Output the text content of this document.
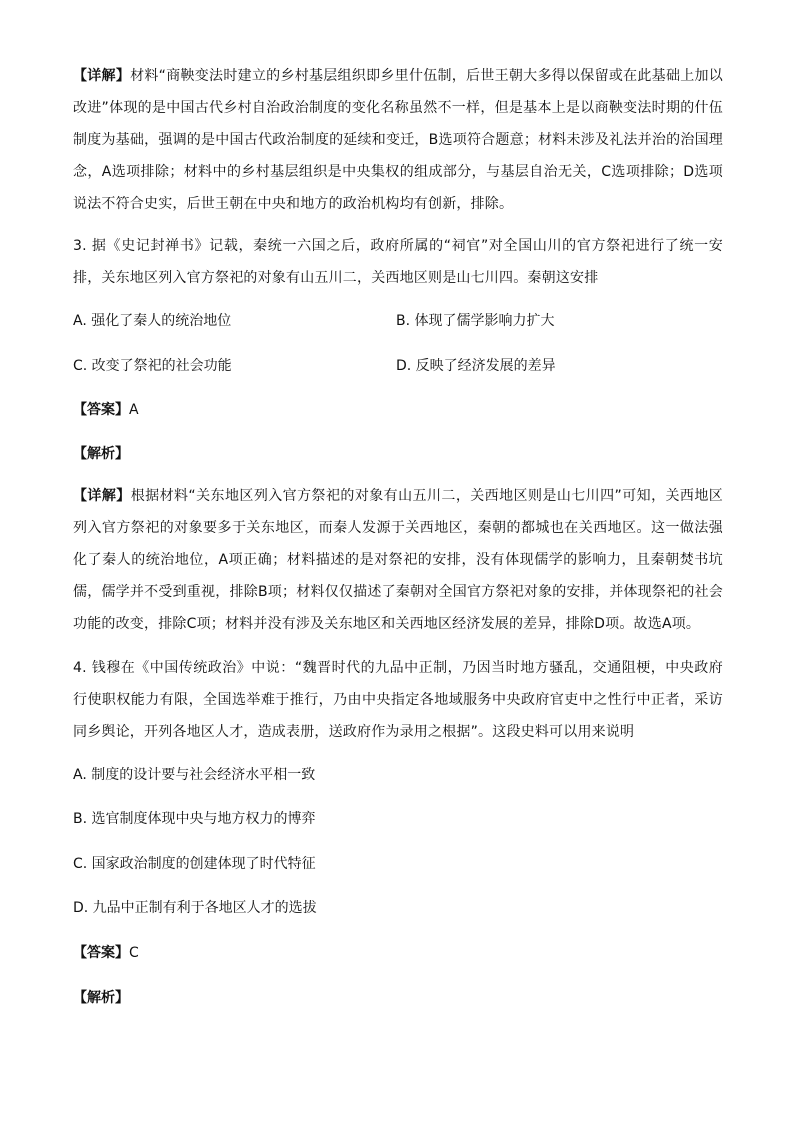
【详解】材料“商鞅变法时建立的乡村基层组织即乡里什伍制，后世王朝大多得以保留或在此基础上加以改进”体现的是中国古代乡村自治政治制度的变化名称虽然不一样，但是基本上是以商鞅变法时期的什伍制度为基础，强调的是中国古代政治制度的延续和变迁，B选项符合题意；材料未涉及礼法并治的治国理念，A选项排除；材料中的乡村基层组织是中央集权的组成部分，与基层自治无关，C选项排除；D选项说法不符合史实，后世王朝在中央和地方的政治机构均有创新，排除。

3. 据《史记封禅书》记载，秦统一六国之后，政府所属的“祠官”对全国山川的官方祭祀进行了统一安排，关东地区列入官方祭祀的对象有山五川二，关西地区则是山七川四。秦朝这安排

A. 强化了秦人的统治地位	B. 体现了儒学影响力扩大

C. 改变了祭祀的社会功能	D. 反映了经济发展的差异

【答案】A

【解析】

【详解】根据材料“关东地区列入官方祭祀的对象有山五川二，关西地区则是山七川四”可知，关西地区列入官方祭祀的对象要多于关东地区，而秦人发源于关西地区，秦朝的都城也在关西地区。这一做法强化了秦人的统治地位，A项正确；材料描述的是对祭祀的安排，没有体现儒学的影响力，且秦朝焚书坑儒，儒学并不受到重视，排除B项；材料仅仅描述了秦朝对全国官方祭祀对象的安排，并体现祭祀的社会功能的改变，排除C项；材料并没有涉及关东地区和关西地区经济发展的差异，排除D项。故选A项。

4. 钱穆在《中国传统政治》中说：“魏晋时代的九品中正制，乃因当时地方骚乱，交通阻梗，中央政府行使职权能力有限，全国选举难于推行，乃由中央指定各地域服务中央政府官吏中之性行中正者，采访同乡舆论，开列各地区人才，造成表册，送政府作为录用之根据”。这段史料可以用来说明

A. 制度的设计要与社会经济水平相一致

B. 选官制度体现中央与地方权力的博弈

C. 国家政治制度的创建体现了时代特征

D. 九品中正制有利于各地区人才的选拔

【答案】C

【解析】
